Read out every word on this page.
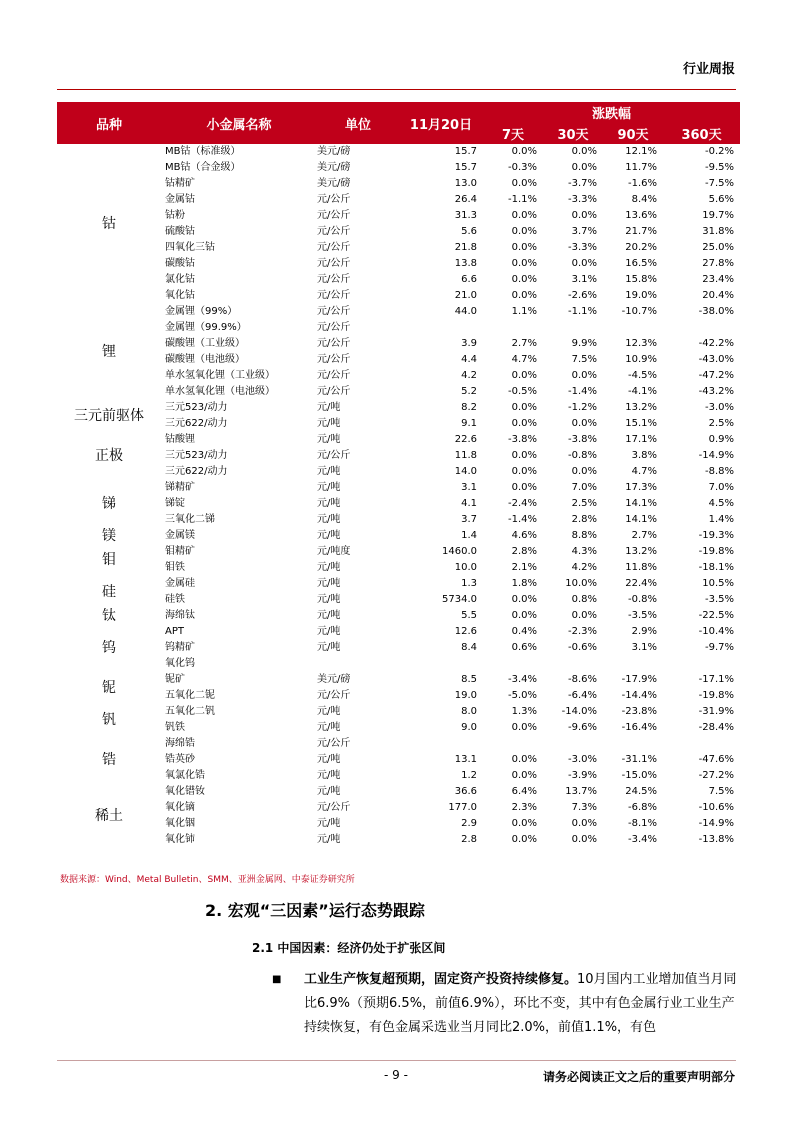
行业周报
品种	小金属名称	单位	11月20日	涨跌幅			
				7天	30天	90天	360天
钴	MB钴（标准级）	美元/磅	15.7	0.0%	0.0%	12.1%	-0.2%
	MB钴（合金级）	美元/磅	15.7	-0.3%	0.0%	11.7%	-9.5%
	钴精矿	美元/磅	13.0	0.0%	-3.7%	-1.6%	-7.5%
	金属钴	元/公斤	26.4	-1.1%	-3.3%	8.4%	5.6%
	钴粉	元/公斤	31.3	0.0%	0.0%	13.6%	19.7%
	硫酸钴	元/公斤	5.6	0.0%	3.7%	21.7%	31.8%
	四氧化三钴	元/公斤	21.8	0.0%	-3.3%	20.2%	25.0%
	碳酸钴	元/公斤	13.8	0.0%	0.0%	16.5%	27.8%
	氯化钴	元/公斤	6.6	0.0%	3.1%	15.8%	23.4%
	氧化钴	元/公斤	21.0	0.0%	-2.6%	19.0%	20.4%
锂	金属锂（99%）	元/公斤	44.0	1.1%	-1.1%	-10.7%	-38.0%
	金属锂（99.9%）	元/公斤					
	碳酸锂（工业级）	元/公斤	3.9	2.7%	9.9%	12.3%	-42.2%
	碳酸锂（电池级）	元/公斤	4.4	4.7%	7.5%	10.9%	-43.0%
	单水氢氧化锂（工业级）	元/公斤	4.2	0.0%	0.0%	-4.5%	-47.2%
	单水氢氧化锂（电池级）	元/公斤	5.2	-0.5%	-1.4%	-4.1%	-43.2%
三元前驱体	三元523/动力	元/吨	8.2	0.0%	-1.2%	13.2%	-3.0%
	三元622/动力	元/吨	9.1	0.0%	0.0%	15.1%	2.5%
正极	钴酸锂	元/吨	22.6	-3.8%	-3.8%	17.1%	0.9%
	三元523/动力	元/公斤	11.8	0.0%	-0.8%	3.8%	-14.9%
	三元622/动力	元/吨	14.0	0.0%	0.0%	4.7%	-8.8%
锑	锑精矿	元/吨	3.1	0.0%	7.0%	17.3%	7.0%
	锑锭	元/吨	4.1	-2.4%	2.5%	14.1%	4.5%
	三氧化二锑	元/吨	3.7	-1.4%	2.8%	14.1%	1.4%
镁	金属镁	元/吨	1.4	4.6%	8.8%	2.7%	-19.3%
钼	钼精矿	元/吨度	1460.0	2.8%	4.3%	13.2%	-19.8%
	钼铁	元/吨	10.0	2.1%	4.2%	11.8%	-18.1%
硅	金属硅	元/吨	1.3	1.8%	10.0%	22.4%	10.5%
	硅铁	元/吨	5734.0	0.0%	0.8%	-0.8%	-3.5%
钛	海绵钛	元/吨	5.5	0.0%	0.0%	-3.5%	-22.5%
钨	APT	元/吨	12.6	0.4%	-2.3%	2.9%	-10.4%
	钨精矿	元/吨	8.4	0.6%	-0.6%	3.1%	-9.7%
	氧化钨						
铌	铌矿	美元/磅	8.5	-3.4%	-8.6%	-17.9%	-17.1%
	五氧化二铌	元/公斤	19.0	-5.0%	-6.4%	-14.4%	-19.8%
钒	五氧化二钒	元/吨	8.0	1.3%	-14.0%	-23.8%	-31.9%
	钒铁	元/吨	9.0	0.0%	-9.6%	-16.4%	-28.4%
锆	海绵锆	元/公斤					
	锆英砂	元/吨	13.1	0.0%	-3.0%	-31.1%	-47.6%
	氧氯化锆	元/吨	1.2	0.0%	-3.9%	-15.0%	-27.2%
稀土	氧化镨钕	元/吨	36.6	6.4%	13.7%	24.5%	7.5%
	氧化镝	元/公斤	177.0	2.3%	7.3%	-6.8%	-10.6%
	氧化铟	元/吨	2.9	0.0%	0.0%	-8.1%	-14.9%
	氧化铈	元/吨	2.8	0.0%	0.0%	-3.4%	-13.8%
数据来源：Wind、Metal Bulletin、SMM、亚洲金属网、中泰证券研究所
2. 宏观“三因素”运行态势跟踪
2.1 中国因素：经济仍处于扩张区间
■ 工业生产恢复超预期，固定资产投资持续修复。10月国内工业增加值当月同比6.9%（预期6.5%，前值6.9%），环比不变，其中有色金属行业工业生产持续恢复，有色金属采选业当月同比2.0%，前值1.1%，有色
- 9 -	请务必阅读正文之后的重要声明部分
